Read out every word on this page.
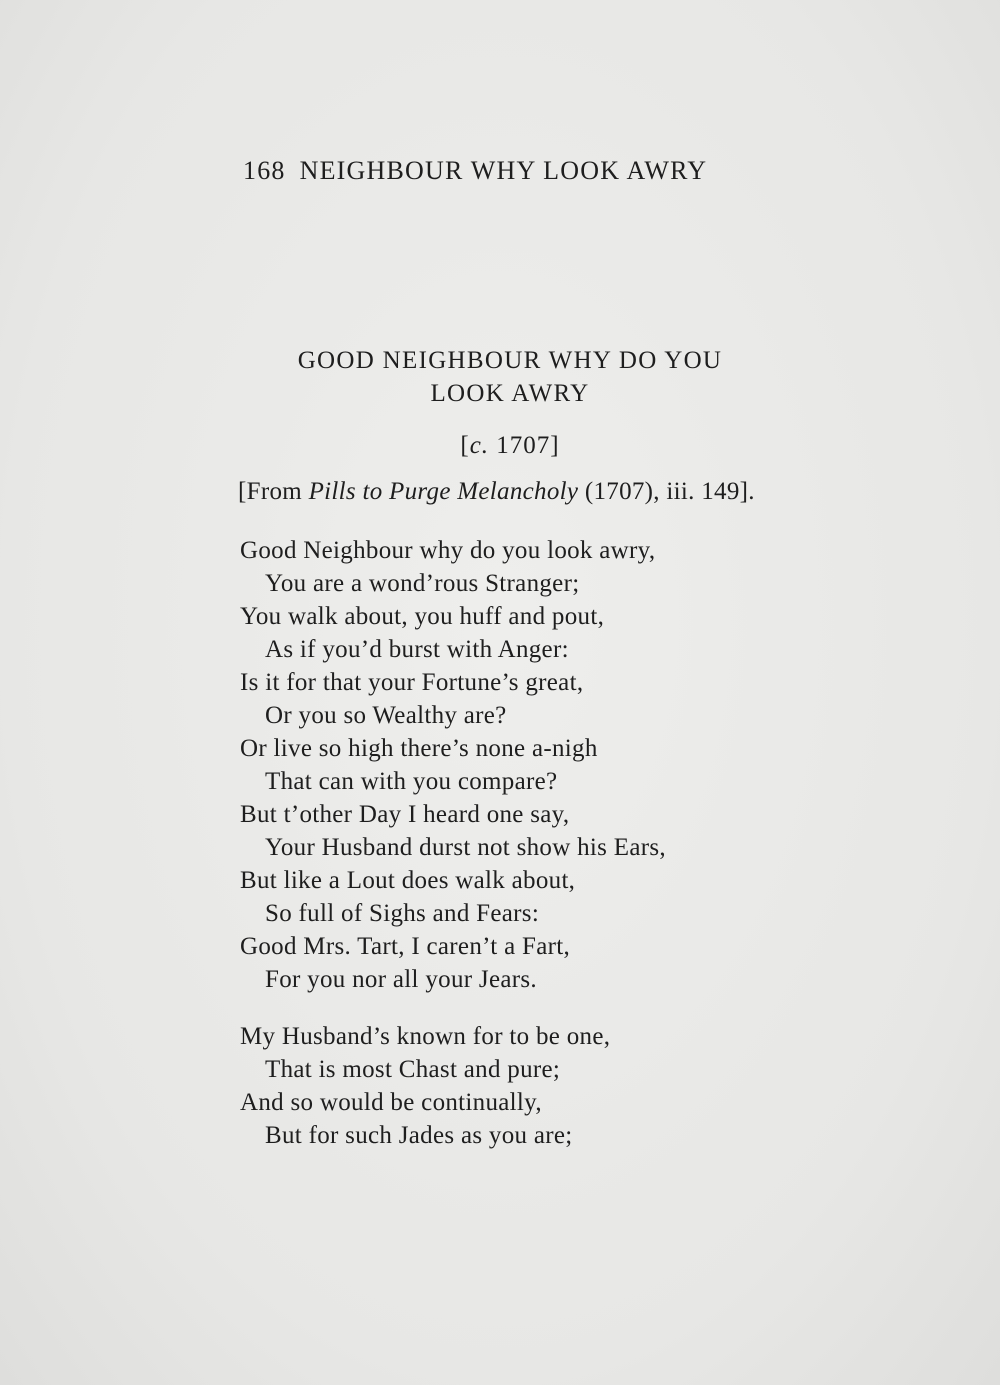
168 NEIGHBOUR WHY LOOK AWRY
GOOD NEIGHBOUR WHY DO YOU
LOOK AWRY
[c. 1707]
[From Pills to Purge Melancholy (1707), iii. 149].
Good Neighbour why do you look awry,
You are a wond’rous Stranger;
You walk about, you huff and pout,
As if you’d burst with Anger:
Is it for that your Fortune’s great,
Or you so Wealthy are?
Or live so high there’s none a-nigh
That can with you compare?
But t’other Day I heard one say,
Your Husband durst not show his Ears,
But like a Lout does walk about,
So full of Sighs and Fears:
Good Mrs. Tart, I caren’t a Fart,
For you nor all your Jears.
My Husband’s known for to be one,
That is most Chast and pure;
And so would be continually,
But for such Jades as you are;
